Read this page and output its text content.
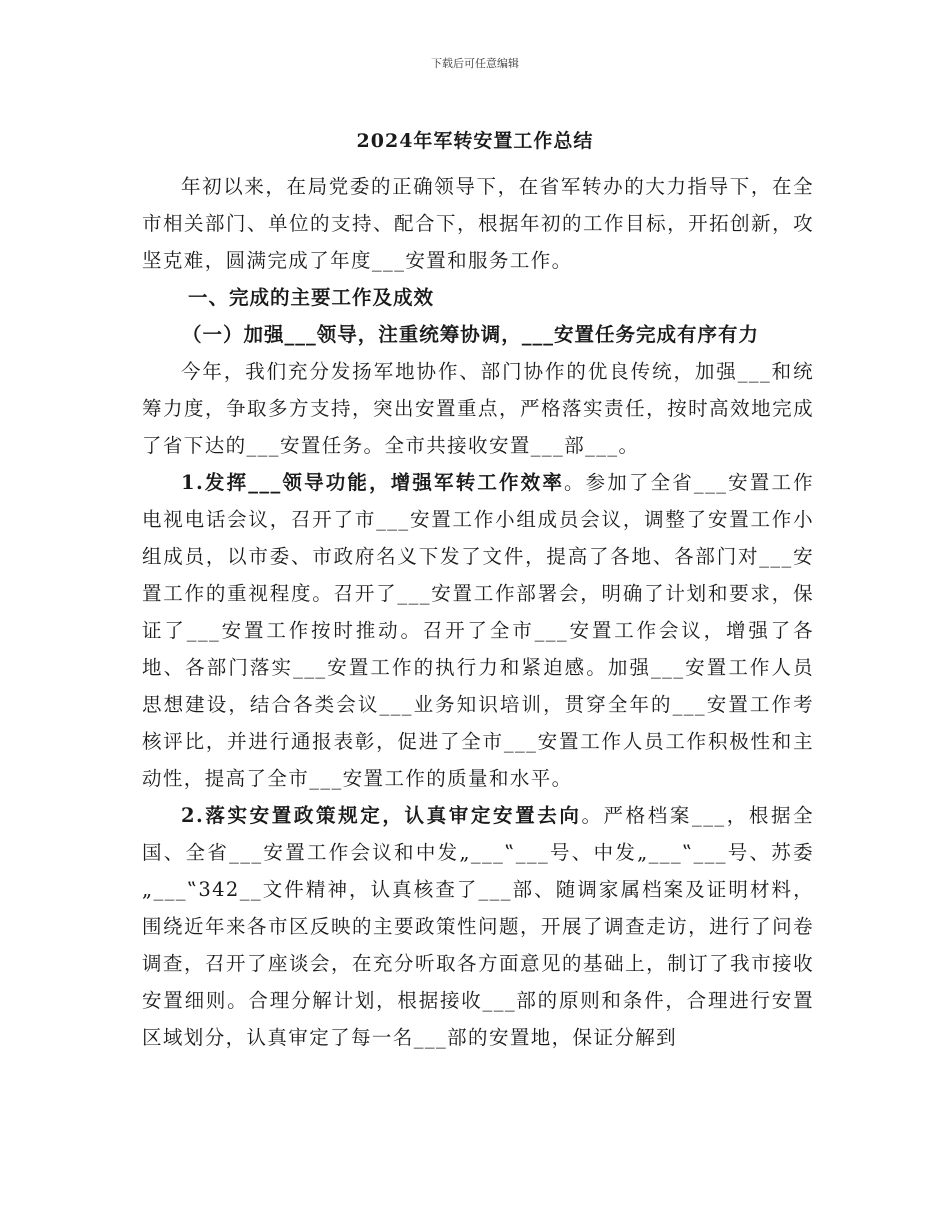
下载后可任意编辑
2024年军转安置工作总结

年初以来，在局党委的正确领导下，在省军转办的大力指导下，在全市相关部门、单位的支持、配合下，根据年初的工作目标，开拓创新，攻坚克难，圆满完成了年度___安置和服务工作。

一、完成的主要工作及成效

（一）加强___领导，注重统筹协调，___安置任务完成有序有力

今年，我们充分发扬军地协作、部门协作的优良传统，加强___和统筹力度，争取多方支持，突出安置重点，严格落实责任，按时高效地完成了省下达的___安置任务。全市共接收安置___部___。

1.发挥___领导功能，增强军转工作效率。参加了全省___安置工作电视电话会议，召开了市___安置工作小组成员会议，调整了安置工作小组成员，以市委、市政府名义下发了文件，提高了各地、各部门对___安置工作的重视程度。召开了___安置工作部署会，明确了计划和要求，保证了___安置工作按时推动。召开了全市___安置工作会议，增强了各地、各部门落实___安置工作的执行力和紧迫感。加强___安置工作人员思想建设，结合各类会议___业务知识培训，贯穿全年的___安置工作考核评比，并进行通报表彰，促进了全市___安置工作人员工作积极性和主动性，提高了全市___安置工作的质量和水平。

2.落实安置政策规定，认真审定安置去向。严格档案___，根据全国、全省___安置工作会议和中发„___‟___号、中发„___‟___号、苏委„___‟342__文件精神，认真核查了___部、随调家属档案及证明材料，围绕近年来各市区反映的主要政策性问题，开展了调查走访，进行了问卷调查，召开了座谈会，在充分听取各方面意见的基础上，制订了我市接收安置细则。合理分解计划，根据接收___部的原则和条件，合理进行安置区域划分，认真审定了每一名___部的安置地，保证分解到
